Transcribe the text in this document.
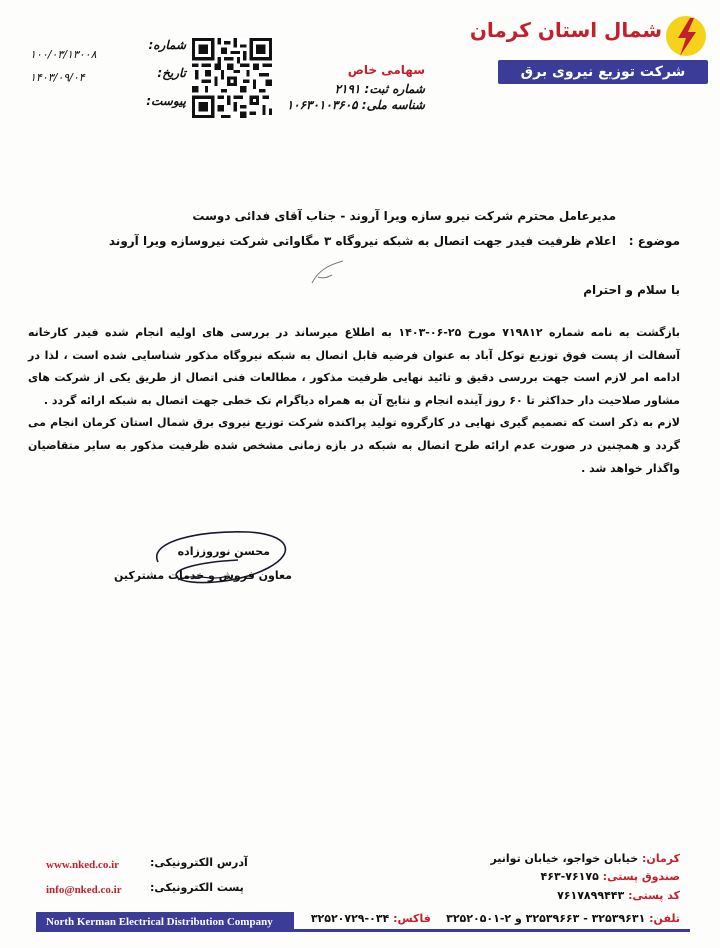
شمال استان کرمان
شرکت توزیع نیروی برق
سهامی خاص
شماره ثبت: ۲۱۹۱
شناسه ملی: ۱۰۶۳۰۱۰۳۶۰۵
شماره:
۱۰۰/۰۳/۱۳۰۰۸
تاریخ:
۱۴۰۳/۰۹/۰۴
پیوست:
مدیرعامل محترم شرکت نیرو سازه ویرا آروند - جناب آقای فدائی دوست
موضوع :
اعلام ظرفیت فیدر جهت اتصال به شبکه نیروگاه ۳ مگاواتی شرکت نیروسازه ویرا آروند
با سلام و احترام

بازگشت به نامه شماره ۷۱۹۸۱۲ مورخ ۲۵-۰۶-۱۴۰۳ به اطلاع میرساند در بررسی های اولیه انجام شده فیدر کارخانه آسفالت از پست فوق توزیع توکل آباد به عنوان فرضیه قابل اتصال به شبکه نیروگاه مذکور شناسایی شده است ، لذا در ادامه امر لازم است جهت بررسی دقیق و تائید نهایی ظرفیت مذکور ، مطالعات فنی اتصال از طریق یکی از شرکت های مشاور صلاحیت دار حداکثر تا ۶۰ روز آینده انجام و نتایج آن به همراه دیاگرام تک خطی جهت اتصال به شبکه ارائه گردد .

لازم به ذکر است که تصمیم گیری نهایی در کارگروه تولید پراکنده شرکت توزیع نیروی برق شمال استان کرمان انجام می گردد و همچنین در صورت عدم ارائه طرح اتصال به شبکه در بازه زمانی مشخص شده ظرفیت مذکور به سایر متقاضیان واگذار خواهد شد .

محسن نوروززاده
معاون فروش و خدمات مشترکین
کرمان: خیابان خواجو، خیابان توانیر
صندوق پستی: ۷۶۱۷۵-۴۶۳
کد پستی: ۷۶۱۷۸۹۹۴۴۳
تلفن: ۳۲۵۳۹۶۳۱ - ۳۲۵۳۹۶۶۳ و ۲-۳۲۵۲۰۵۰۱    فاکس: ۰۳۴-۳۲۵۲۰۷۲۹
آدرس الکترونیکی:
www.nked.co.ir
پست الکترونیکی:
info@nked.co.ir
North Kerman Electrical Distribution Company
